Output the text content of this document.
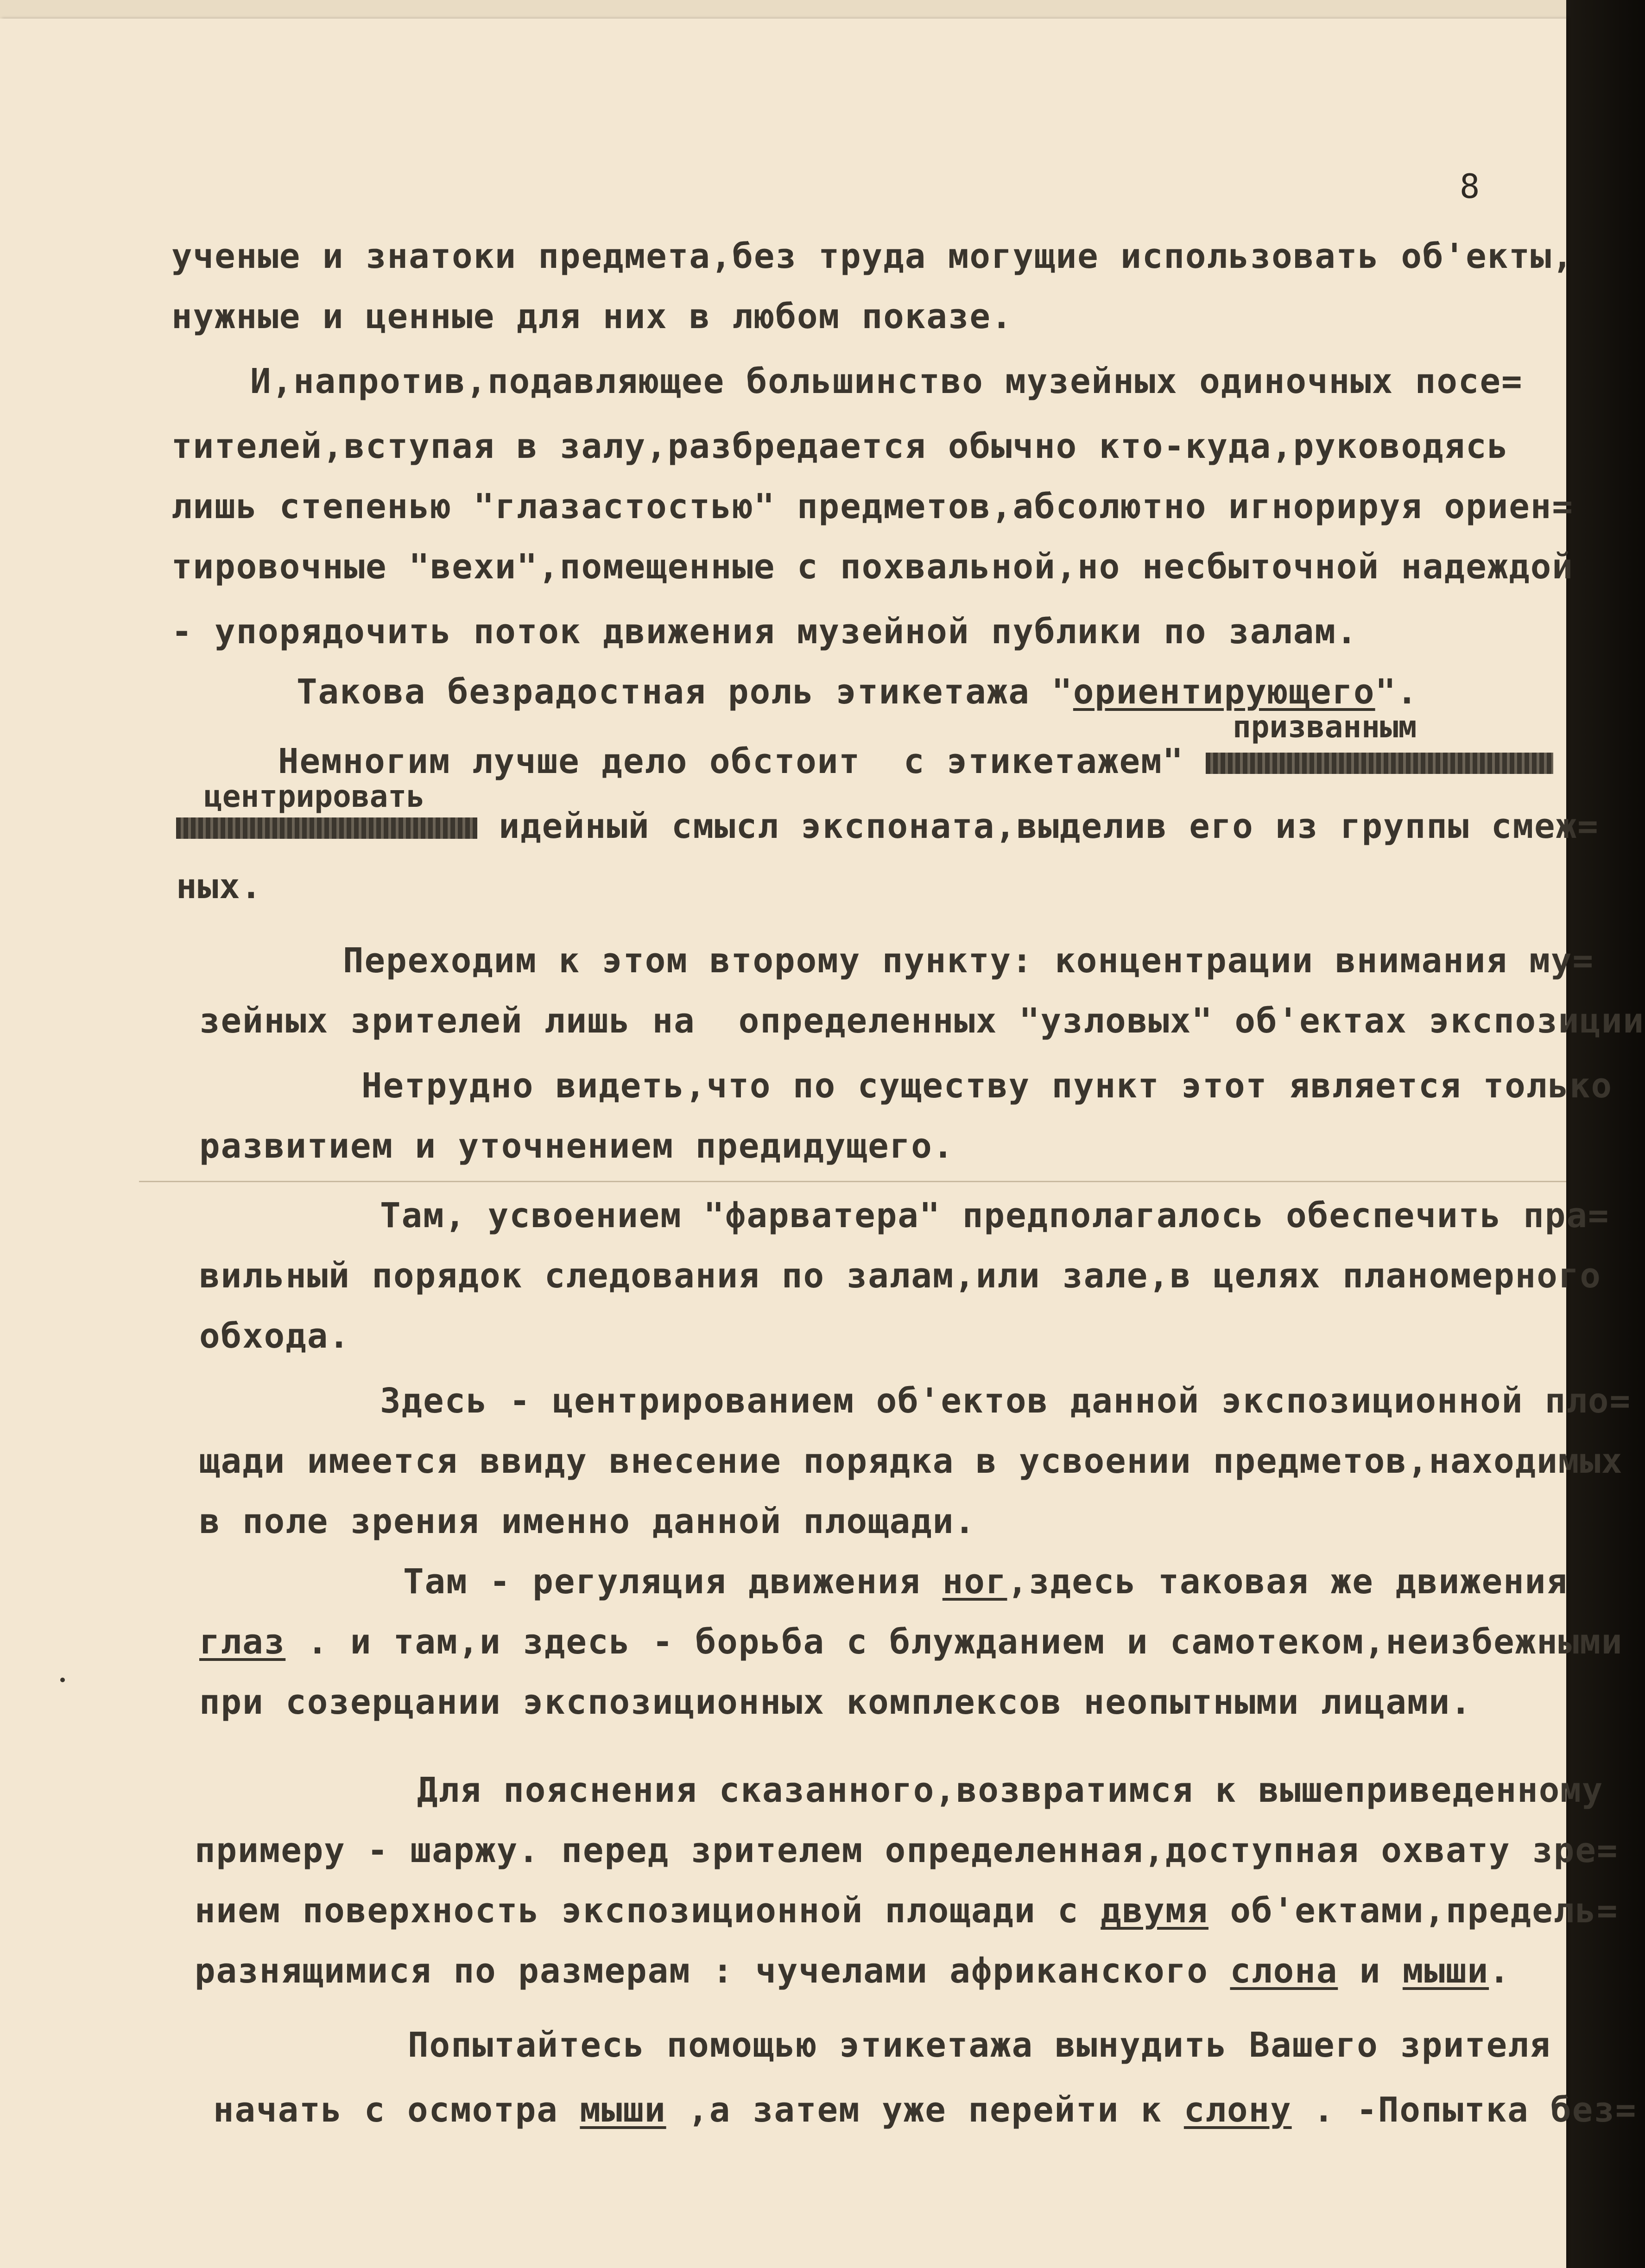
8
ученые и знатоки предмета,без труда могущие использовать об'екты,
нужные и ценные для них в любом показе.
И,напротив,подавляющее большинство музейных одиночных посе=
тителей,вступая в залу,разбредается обычно кто-куда,руководясь
лишь степенью "глазастостью" предметов,абсолютно игнорируя ориен=
тировочные "вехи",помещенные с похвальной,но несбыточной надеждой
- упорядочить поток движения музейной публики по залам.
Такова безрадостная роль этикетажа "ориентирующего".
призванным
Немногим лучше дело обстоит  с этикетажем"
центрировать
идейный смысл экспоната,выделив его из группы смеж=
ных.
Переходим к этом второму пункту: концентрации внимания му=
зейных зрителей лишь на  определенных "узловых" об'ектах экспозиции
Нетрудно видеть,что по существу пункт этот является только
развитием и уточнением предидущего.
Там, усвоением "фарватера" предполагалось обеспечить пра=
вильный порядок следования по залам,или зале,в целях планомерного
обхода.
Здесь - центрированием об'ектов данной экспозиционной пло=
щади имеется ввиду внесение порядка в усвоении предметов,находимых
в поле зрения именно данной площади.
Там - регуляция движения ног,здесь таковая же движения
глаз . и там,и здесь - борьба с блужданием и самотеком,неизбежными
при созерцании экспозиционных комплексов неопытными лицами.
Для пояснения сказанного,возвратимся к вышеприведенному
примеру - шаржу. перед зрителем определенная,доступная охвату зре=
нием поверхность экспозиционной площади с двумя об'ектами,предель=
разнящимися по размерам : чучелами африканского слона и мыши.
Попытайтесь помощью этикетажа вынудить Вашего зрителя
начать с осмотра мыши ,а затем уже перейти к слону . -Попытка без=
